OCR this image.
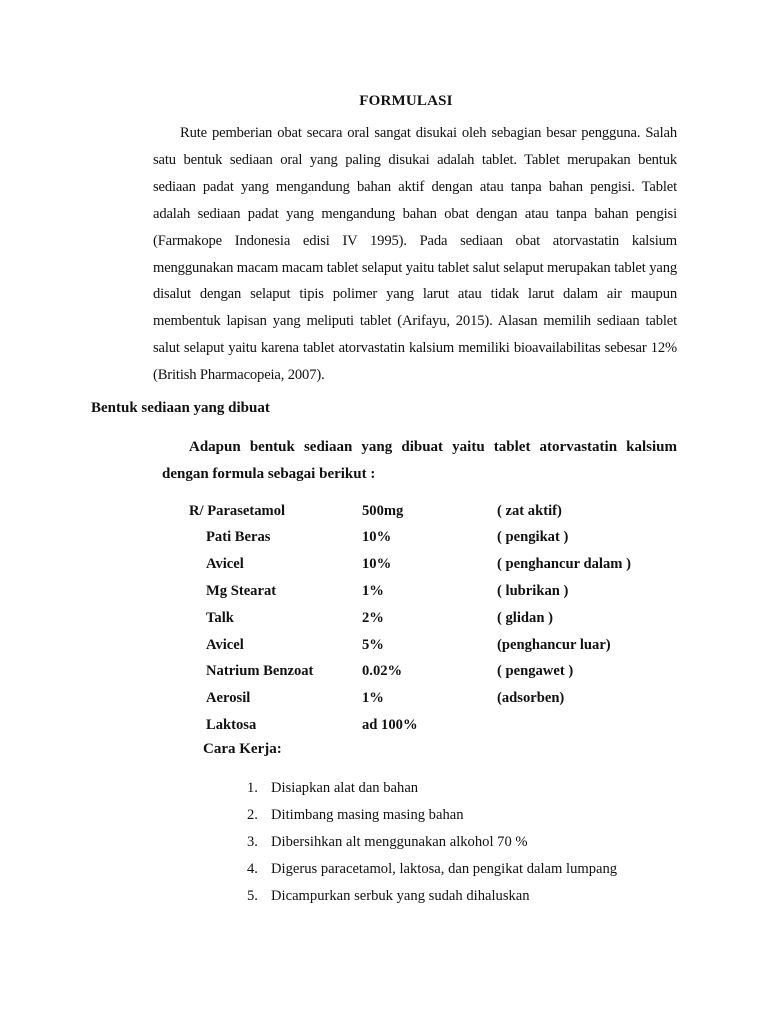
FORMULASI

Rute pemberian obat secara oral sangat disukai oleh sebagian besar pengguna. Salah satu bentuk sediaan oral yang paling disukai adalah tablet. Tablet merupakan bentuk sediaan padat yang mengandung bahan aktif dengan atau tanpa bahan pengisi. Tablet adalah sediaan padat yang mengandung bahan obat dengan atau tanpa bahan pengisi (Farmakope Indonesia edisi IV 1995). Pada sediaan obat atorvastatin kalsium menggunakan macam macam tablet selaput yaitu tablet salut selaput merupakan tablet yang disalut dengan selaput tipis polimer yang larut atau tidak larut dalam air maupun membentuk lapisan yang meliputi tablet (Arifayu, 2015). Alasan memilih sediaan tablet salut selaput yaitu karena tablet atorvastatin kalsium memiliki bioavailabilitas sebesar 12% (British Pharmacopeia, 2007).

Bentuk sediaan yang dibuat

Adapun bentuk sediaan yang dibuat yaitu tablet atorvastatin kalsium dengan formula sebagai berikut :

R/ Parasetamol	500mg	( zat aktif)
Pati Beras	10%	( pengikat )
Avicel	10%	( penghancur dalam )
Mg Stearat	1%	( lubrikan )
Talk	2%	( glidan )
Avicel	5%	(penghancur luar)
Natrium Benzoat	0.02%	( pengawet )
Aerosil	1%	(adsorben)
Laktosa	ad 100%
Cara Kerja:
1. Disiapkan alat dan bahan
2. Ditimbang masing masing bahan
3. Dibersihkan alt menggunakan alkohol 70 %
4. Digerus paracetamol, laktosa, dan pengikat dalam lumpang
5. Dicampurkan serbuk yang sudah dihaluskan
